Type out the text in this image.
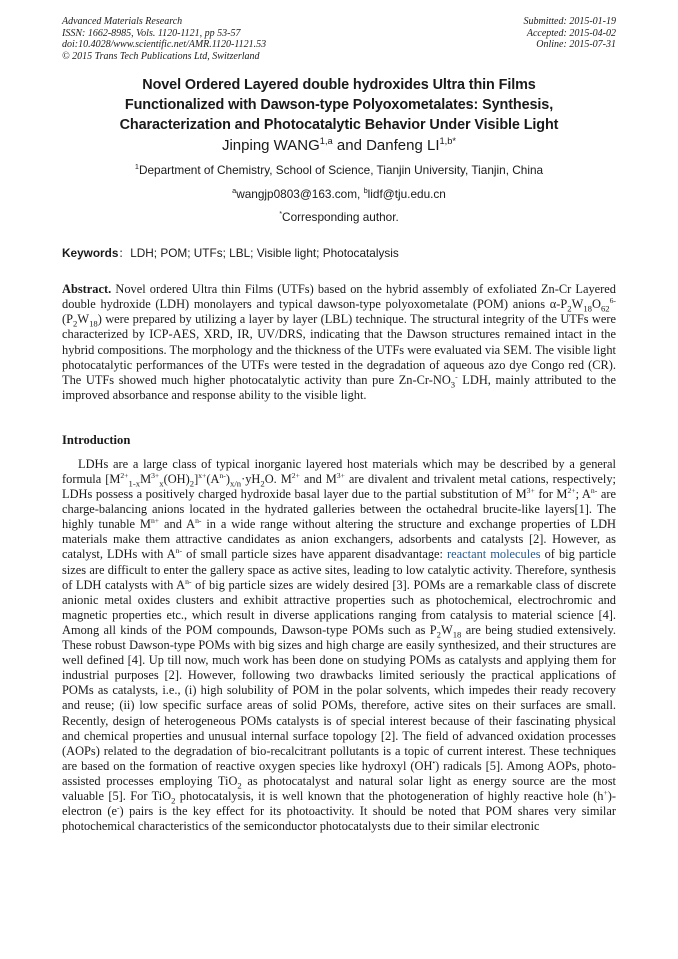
Advanced Materials Research
ISSN: 1662-8985, Vols. 1120-1121, pp 53-57
doi:10.4028/www.scientific.net/AMR.1120-1121.53
© 2015 Trans Tech Publications Ltd, Switzerland
Submitted: 2015-01-19
Accepted: 2015-04-02
Online: 2015-07-31
Novel Ordered Layered double hydroxides Ultra thin Films
Functionalized with Dawson-type Polyoxometalates: Synthesis,
Characterization and Photocatalytic Behavior Under Visible Light
Jinping WANG$^{1,a}$ and Danfeng $LI^{1,b*}$
$^1$Department of Chemistry, School of Science, Tianjin University, Tianjin, China
$^a$wangjp0803@163.com, $^b$lidf@tju.edu.cn
*Corresponding author.
Keywords：LDH; POM; UTFs; LBL; Visible light; Photocatalysis
Abstract. Novel ordered Ultra thin Films (UTFs) based on the hybrid assembly of exfoliated Zn-Cr Layered double hydroxide (LDH) monolayers and typical dawson-type polyoxometalate (POM) anions $\alpha-P_2W_{18}O_{62}^{6-}$ $(P_2W_{18})$ were prepared by utilizing a layer by layer (LBL) technique. The structural integrity of the UTFs were characterized by ICP-AES, XRD, IR, UV/DRS, indicating that the Dawson structures remained intact in the hybrid compositions. The morphology and the thickness of the UTFs were evaluated via SEM. The visible light photocatalytic performances of the UTFs were tested in the degradation of aqueous azo dye Congo red (CR). The UTFs showed much higher photocatalytic activity than pure $Zn-Cr-NO_3^-$ LDH, mainly attributed to the improved absorbance and response ability to the visible light.
Introduction
LDHs are a large class of typical inorganic layered host materials which may be described by a general formula $[M^{2+}_{1-x}M^{3+}_x(OH)_2]^{x+}(A^{n-})_{x/n}\cdot yH_2O$. $M^{2+}$ and $M^{3+}$ are divalent and trivalent metal cations, respectively; LDHs possess a positively charged hydroxide basal layer due to the partial substitution of $M^{3+}$ for $M^{2+}$; $A^{n-}$ are charge-balancing anions located in the hydrated galleries between the octahedral brucite-like layers[1]. The highly tunable $M^{n+}$ and $A^{n-}$ in a wide range without altering the structure and exchange properties of LDH materials make them attractive candidates as anion exchangers, adsorbents and catalysts [2]. However, as catalyst, LDHs with $A^{n-}$ of small particle sizes have apparent disadvantage: reactant molecules of big particle sizes are difficult to enter the gallery space as active sites, leading to low catalytic activity. Therefore, synthesis of LDH catalysts with $A^{n-}$ of big particle sizes are widely desired [3]. POMs are a remarkable class of discrete anionic metal oxides clusters and exhibit attractive properties such as photochemical, electrochromic and magnetic properties etc., which result in diverse applications ranging from catalysis to material science [4]. Among all kinds of the POM compounds, Dawson-type POMs such as $P_2W_{18}$ are being studied extensively. These robust Dawson-type POMs with big sizes and high charge are easily synthesized, and their structures are well defined [4]. Up till now, much work has been done on studying POMs as catalysts and applying them for industrial purposes [2]. However, following two drawbacks limited seriously the practical applications of POMs as catalysts, i.e., (i) high solubility of POM in the polar solvents, which impedes their ready recovery and reuse; (ii) low specific surface areas of solid POMs, therefore, active sites on their surfaces are small. Recently, design of heterogeneous POMs catalysts is of special interest because of their fascinating physical and chemical properties and unusual internal surface topology [2]. The field of advanced oxidation processes (AOPs) related to the degradation of bio-recalcitrant pollutants is a topic of current interest. These techniques are based on the formation of reactive oxygen species like hydroxyl (OH•) radicals [5]. Among AOPs, photo-assisted processes employing TiO$_2$ as photocatalyst and natural solar light as energy source are the most valuable [5]. For TiO$_2$ photocatalysis, it is well known that the photogeneration of highly reactive hole (h+)-electron (e-) pairs is the key effect for its photoactivity. It should be noted that POM shares very similar photochemical characteristics of the semiconductor photocatalysts due to their similar electronic
